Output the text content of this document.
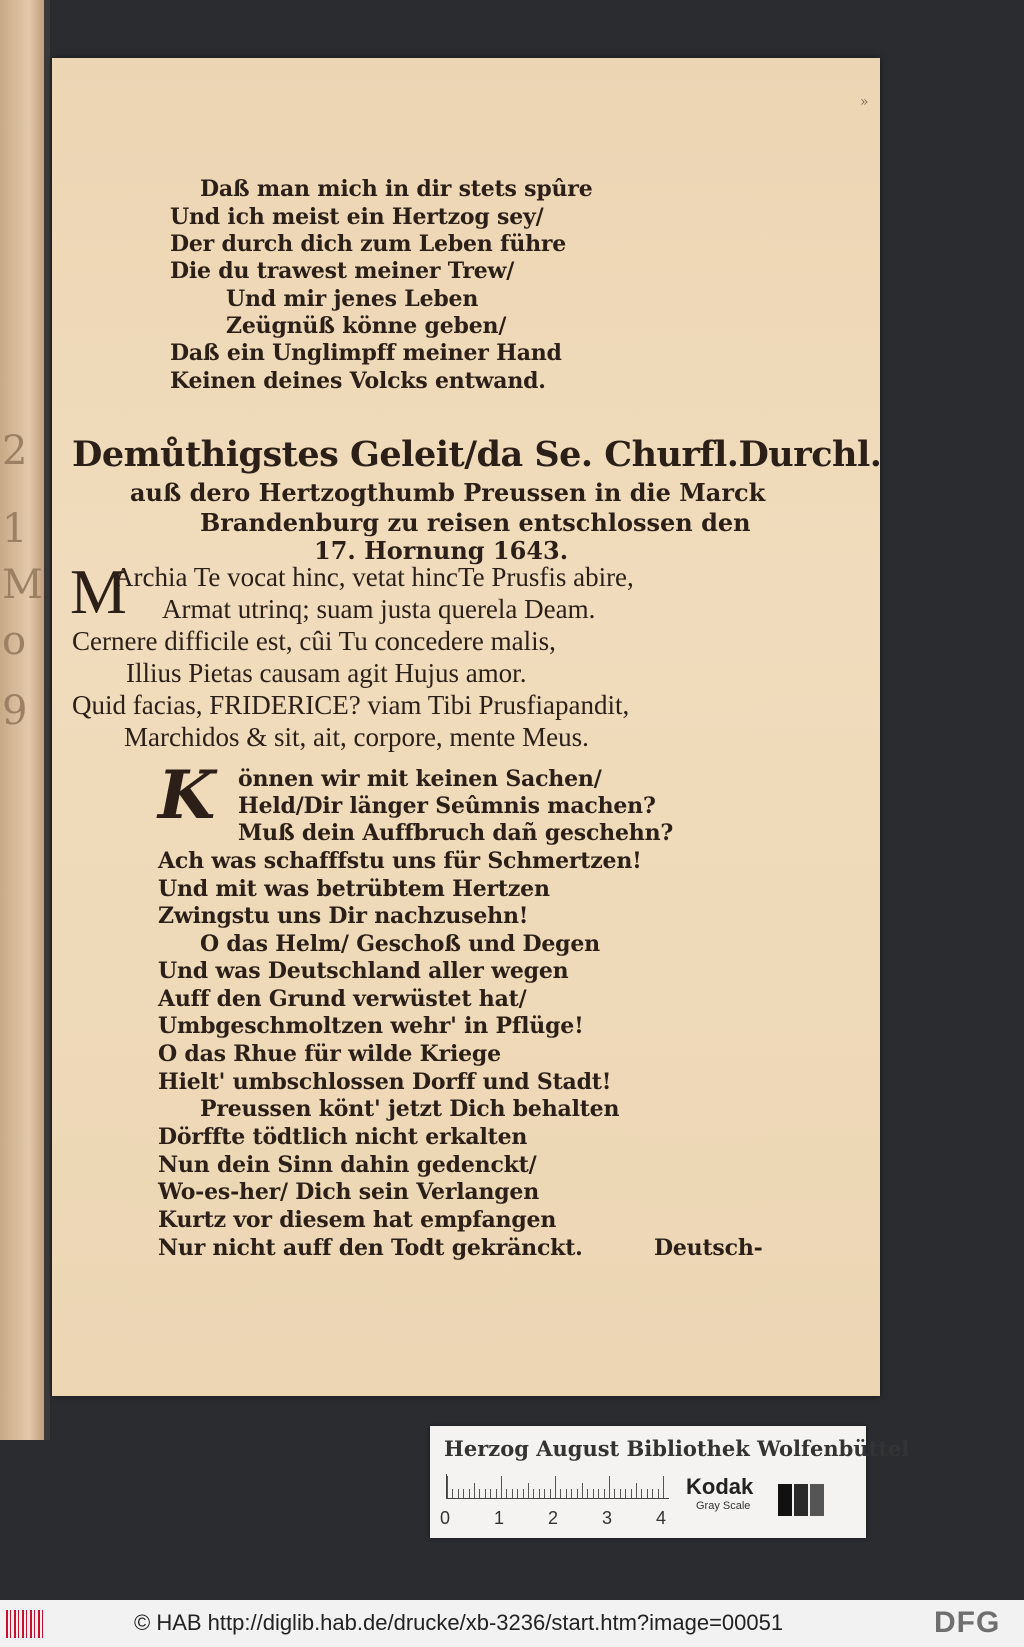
2
1
M
o
9
»
Daß man mich in dir stets spûre
Und ich meist ein Hertzog sey/
Der durch dich zum Leben führe
Die du trawest meiner Trew/
Und mir jenes Leben
Zeügnüß könne geben/
Daß ein Unglimpff meiner Hand
Keinen deines Volcks entwand.
Demůthigstes Geleit/da Se. Churfl.Durchl.
auß dero Hertzogthumb Preussen in die Marck
Brandenburg zu reisen entschlossen den
17. Hornung 1643.
M
Archia Te vocat hinc, vetat hincTe Prusfis abire,
Armat utrinq; suam justa querela Deam.
Cernere difficile est, cûi Tu concedere malis,
Illius Pietas causam agit Hujus amor.
Quid facias, FRIDERICE? viam Tibi Prusfiapandit,
Marchidos & sit, ait, corpore, mente Meus.
K önnen wir mit keinen Sachen/
Held/Dir länger Seûmnis machen?
Muß dein Auffbruch dañ geschehn?
Ach was schafffstu uns für Schmertzen!
Und mit was betrübtem Hertzen
Zwingstu uns Dir nachzusehn!
O das Helm/ Geschoß und Degen
Und was Deutschland aller wegen
Auff den Grund verwüstet hat/
Umbgeschmoltzen wehr' in Pflüge!
O das Rhue für wilde Kriege
Hielt' umbschlossen Dorff und Stadt!
Preussen könt' jetzt Dich behalten
Dörffte tödtlich nicht erkalten
Nun dein Sinn dahin gedenckt/
Wo-es-her/ Dich sein Verlangen
Kurtz vor diesem hat empfangen
Nur nicht auff den Todt gekränckt.	Deutsch-
Herzog August Bibliothek Wolfenbüttel
0 1 2 3 4
Kodak
Gray Scale
© HAB http://diglib.hab.de/drucke/xb-3236/start.htm?image=00051	DFG
